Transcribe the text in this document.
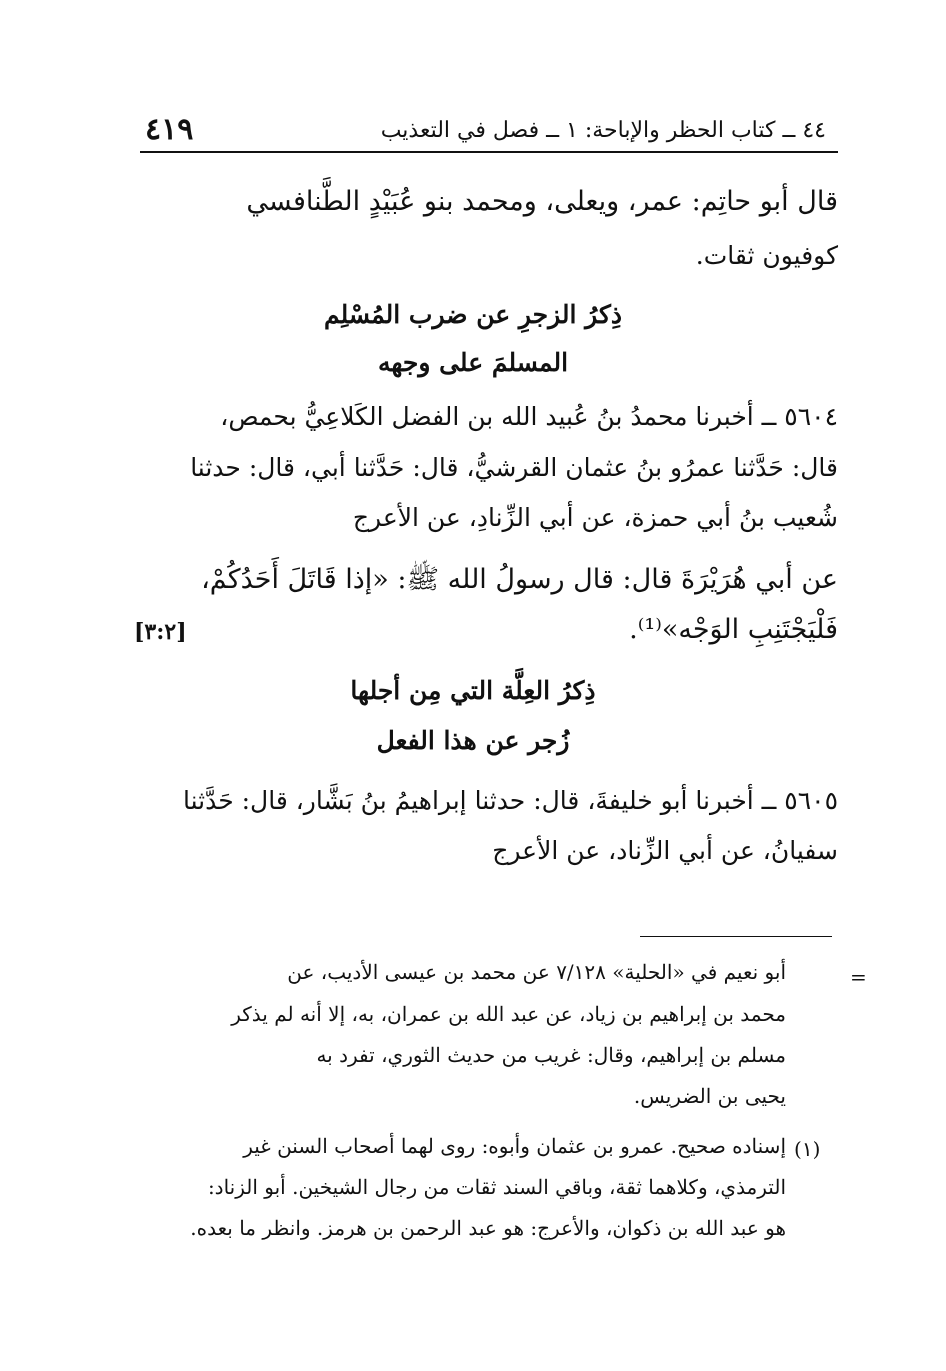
٤١٩	٤٤ ــ كتاب الحظر والإباحة: ١ ــ فصل في التعذيب
قال أبو حاتِم: عمر، ويعلى، ومحمد بنو عُبَيْدٍ الطَّنافسي
كوفيون ثقات.
ذِكرُ الزجرِ عن ضرب المُسْلِم
المسلمَ على وجهه
٥٦٠٤ ــ أخبرنا محمدُ بنُ عُبيد الله بن الفضل الكَلاعِيُّ بحمص،
قال: حَدَّثنا عمرُو بنُ عثمان القرشيُّ، قال: حَدَّثنا أبي، قال: حدثنا
شُعيب بنُ أبي حمزة، عن أبي الزِّنادِ، عن الأعرج
عن أبي هُرَيْرَةَ قال: قال رسولُ الله ﷺ: «إذا قَاتَلَ أَحَدُكُمْ،
فَلْيَجْتَنِبِ الوَجْه»⁽¹⁾.
[٣:٢]
ذِكرُ العِلَّة التي مِن أجلها
زُجر عن هذا الفعل
٥٦٠٥ ــ أخبرنا أبو خليفةَ، قال: حدثنا إبراهيمُ بنُ بَشَّار، قال: حَدَّثنا
سفيانُ، عن أبي الزِّناد، عن الأعرج
=
أبو نعيم في «الحلية» ٧/١٢٨ عن محمد بن عيسى الأديب، عن
محمد بن إبراهيم بن زياد، عن عبد الله بن عمران، به، إلا أنه لم يذكر
مسلم بن إبراهيم، وقال: غريب من حديث الثوري، تفرد به
يحيى بن الضريس.
(١)
إسناده صحيح. عمرو بن عثمان وأبوه: روى لهما أصحاب السنن غير
الترمذي، وكلاهما ثقة، وباقي السند ثقات من رجال الشيخين. أبو الزناد:
هو عبد الله بن ذكوان، والأعرج: هو عبد الرحمن بن هرمز. وانظر ما بعده.
